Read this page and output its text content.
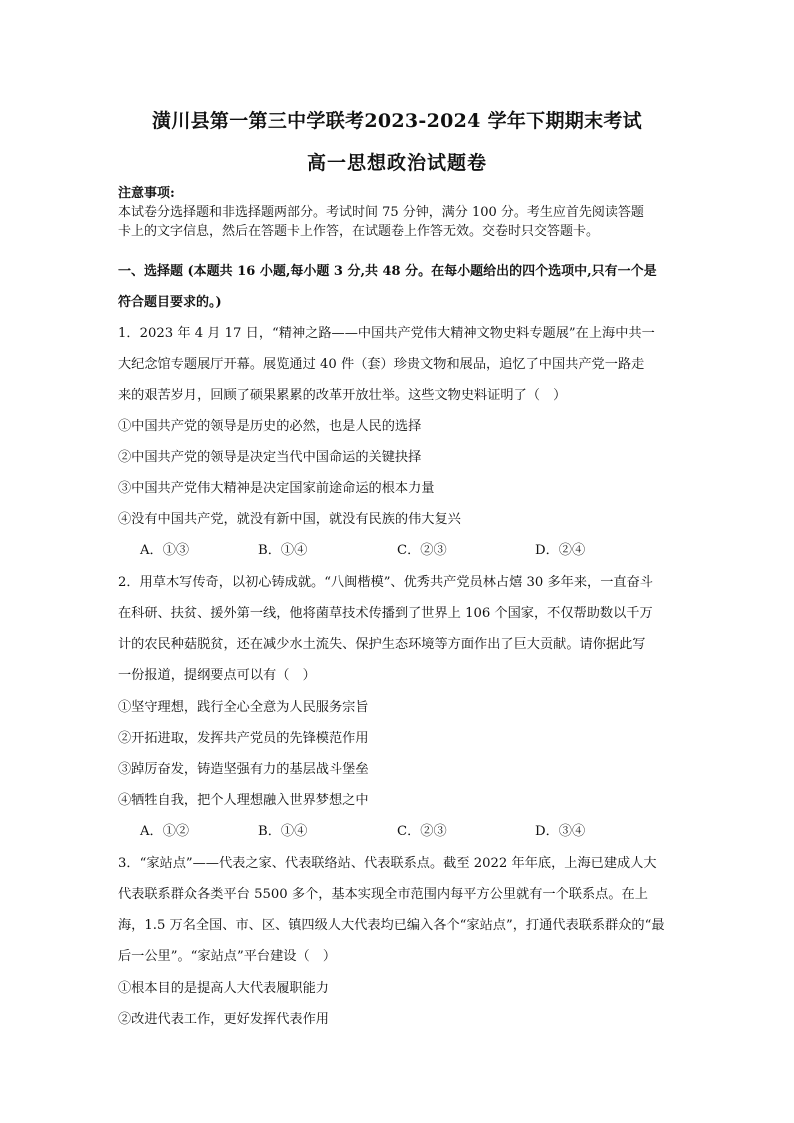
潢川县第一第三中学联考2023-2024 学年下期期末考试
高一思想政治试题卷
注意事项:
本试卷分选择题和非选择题两部分。考试时间 75 分钟，满分 100 分。考生应首先阅读答题
卡上的文字信息，然后在答题卡上作答，在试题卷上作答无效。交卷时只交答题卡。
一、选择题 (本题共 16 小题,每小题 3 分,共 48 分。在每小题给出的四个选项中,只有一个是
符合题目要求的。)
1．2023 年 4 月 17 日，“精神之路——中国共产党伟大精神文物史料专题展”在上海中共一
大纪念馆专题展厅开幕。展览通过 40 件（套）珍贵文物和展品，追忆了中国共产党一路走
来的艰苦岁月，回顾了硕果累累的改革开放壮举。这些文物史料证明了（　）
①中国共产党的领导是历史的必然，也是人民的选择
②中国共产党的领导是决定当代中国命运的关键抉择
③中国共产党伟大精神是决定国家前途命运的根本力量
④没有中国共产党，就没有新中国，就没有民族的伟大复兴
A．①③	B．①④	C．②③	D．②④
2．用草木写传奇，以初心铸成就。“八闽楷模”、优秀共产党员林占熺 30 多年来，一直奋斗
在科研、扶贫、援外第一线，他将菌草技术传播到了世界上 106 个国家，不仅帮助数以千万
计的农民种菇脱贫，还在减少水土流失、保护生态环境等方面作出了巨大贡献。请你据此写
一份报道，提纲要点可以有（　）
①坚守理想，践行全心全意为人民服务宗旨
②开拓进取，发挥共产党员的先锋模范作用
③踔厉奋发，铸造坚强有力的基层战斗堡垒
④牺牲自我，把个人理想融入世界梦想之中
A．①②	B．①④	C．②③	D．③④
3．“家站点”——代表之家、代表联络站、代表联系点。截至 2022 年年底，上海已建成人大
代表联系群众各类平台 5500 多个，基本实现全市范围内每平方公里就有一个联系点。在上
海，1.5 万名全国、市、区、镇四级人大代表均已编入各个“家站点”，打通代表联系群众的“最
后一公里”。“家站点”平台建设（　）
①根本目的是提高人大代表履职能力
②改进代表工作，更好发挥代表作用
